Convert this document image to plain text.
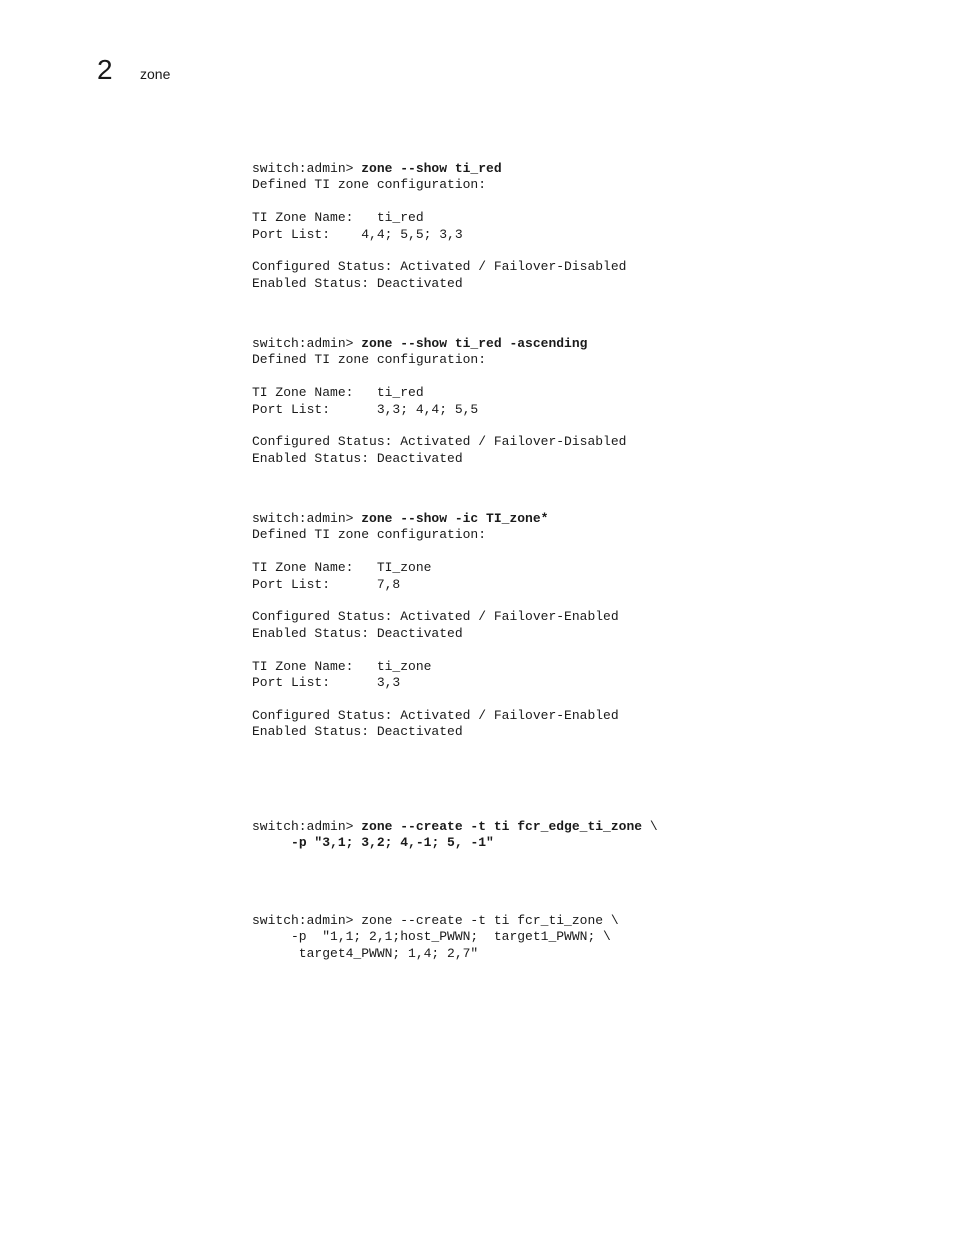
2 zone
switch:admin> zone --show ti_red
Defined TI zone configuration:

TI Zone Name:   ti_red
Port List:    4,4; 5,5; 3,3

Configured Status: Activated / Failover-Disabled
Enabled Status: Deactivated
switch:admin> zone --show ti_red -ascending
Defined TI zone configuration:

TI Zone Name:   ti_red
Port List:      3,3; 4,4; 5,5

Configured Status: Activated / Failover-Disabled
Enabled Status: Deactivated
switch:admin> zone --show -ic TI_zone*
Defined TI zone configuration:

TI Zone Name:   TI_zone
Port List:      7,8

Configured Status: Activated / Failover-Enabled
Enabled Status: Deactivated

TI Zone Name:   ti_zone
Port List:      3,3

Configured Status: Activated / Failover-Enabled
Enabled Status: Deactivated
switch:admin> zone --create -t ti fcr_edge_ti_zone \
-p "3,1; 3,2; 4,-1; 5, -1"
switch:admin> zone --create -t ti fcr_ti_zone \
-p  "1,1; 2,1;host_PWWN;  target1_PWWN; \
target4_PWWN; 1,4; 2,7"
